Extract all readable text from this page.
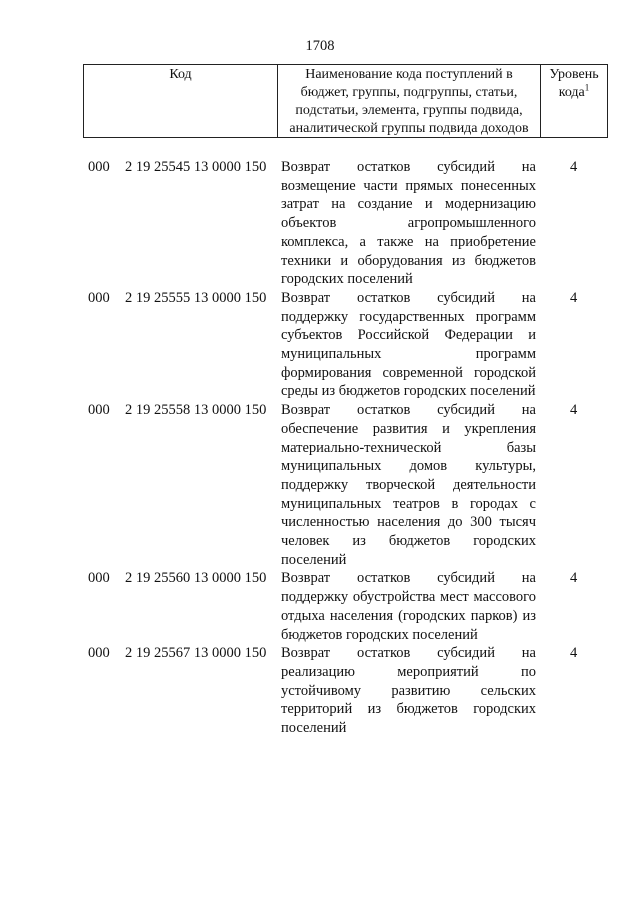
1708
Код	Наименование кода поступлений в бюджет, группы, подгруппы, статьи, подстатьи, элемента, группы подвида, аналитической группы подвида доходов
Уровень кода$^1$
000 2 19 25545 13 0000 150 Возврат остатков субсидий на возмещение части прямых понесенных затрат на создание и модернизацию объектов агропромышленного комплекса, а также на приобретение техники и оборудования из бюджетов городских поселений
4
000 2 19 25555 13 0000 150 Возврат остатков субсидий на поддержку государственных программ субъектов Российской Федерации и муниципальных программ формирования современной городской среды из бюджетов городских поселений
4
000 2 19 25558 13 0000 150 Возврат остатков субсидий на обеспечение развития и укрепления материально-технической базы муниципальных домов культуры, поддержку творческой деятельности муниципальных театров в городах с численностью населения до 300 тысяч человек из бюджетов городских поселений
4
000 2 19 25560 13 0000 150 Возврат остатков субсидий на поддержку обустройства мест массового отдыха населения (городских парков) из бюджетов городских поселений
4
000 2 19 25567 13 0000 150 Возврат остатков субсидий на реализацию мероприятий по устойчивому развитию сельских территорий из бюджетов городских поселений
4
